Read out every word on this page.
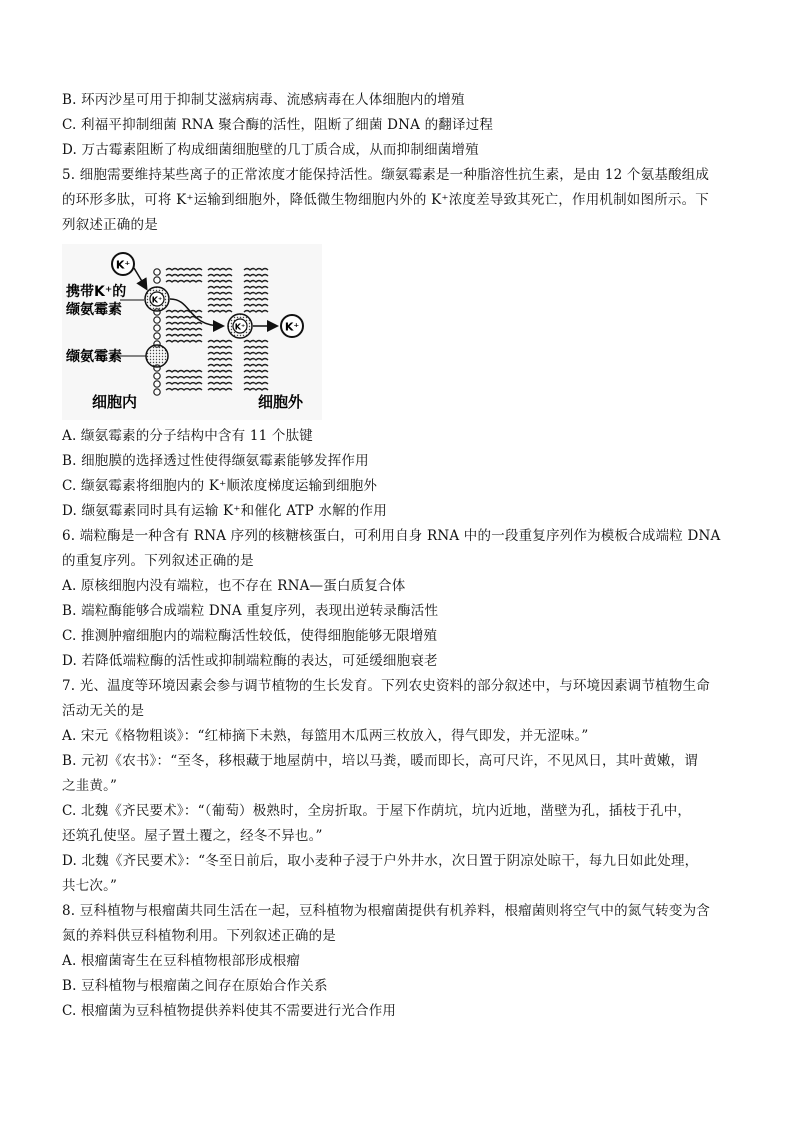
B. 环丙沙星可用于抑制艾滋病病毒、流感病毒在人体细胞内的增殖
C. 利福平抑制细菌 RNA 聚合酶的活性，阻断了细菌 DNA 的翻译过程
D. 万古霉素阻断了构成细菌细胞壁的几丁质合成，从而抑制细菌增殖
5. 细胞需要维持某些离子的正常浓度才能保持活性。缬氨霉素是一种脂溶性抗生素，是由 12 个氨基酸组成
的环形多肽，可将 K⁺运输到细胞外，降低微生物细胞内外的 K⁺浓度差导致其死亡，作用机制如图所示。下
列叙述正确的是
K⁺
K⁺
K⁺	K⁺
携带K⁺的
缬氨霉素
缬氨霉素
细胞内	细胞外
A. 缬氨霉素的分子结构中含有 11 个肽键
B. 细胞膜的选择透过性使得缬氨霉素能够发挥作用
C. 缬氨霉素将细胞内的 K⁺顺浓度梯度运输到细胞外
D. 缬氨霉素同时具有运输 K⁺和催化 ATP 水解的作用
6. 端粒酶是一种含有 RNA 序列的核糖核蛋白，可利用自身 RNA 中的一段重复序列作为模板合成端粒 DNA
的重复序列。下列叙述正确的是
A. 原核细胞内没有端粒，也不存在 RNA—蛋白质复合体
B. 端粒酶能够合成端粒 DNA 重复序列，表现出逆转录酶活性
C. 推测肿瘤细胞内的端粒酶活性较低，使得细胞能够无限增殖
D. 若降低端粒酶的活性或抑制端粒酶的表达，可延缓细胞衰老
7. 光、温度等环境因素会参与调节植物的生长发育。下列农史资料的部分叙述中，与环境因素调节植物生命
活动无关的是
A. 宋元《格物粗谈》：“红柿摘下未熟，每篮用木瓜两三枚放入，得气即发，并无涩味。”
B. 元初《农书》：“至冬，移根藏于地屋荫中，培以马粪，暖而即长，高可尺许，不见风日，其叶黄嫩，谓
之韭黄。”
C. 北魏《齐民要术》：“（葡萄）极熟时，全房折取。于屋下作荫坑，坑内近地，凿壁为孔，插枝于孔中，
还筑孔使坚。屋子置土覆之，经冬不异也。”
D. 北魏《齐民要术》：“冬至日前后，取小麦种子浸于户外井水，次日置于阴凉处晾干，每九日如此处理，
共七次。”
8. 豆科植物与根瘤菌共同生活在一起，豆科植物为根瘤菌提供有机养料，根瘤菌则将空气中的氮气转变为含
氮的养料供豆科植物利用。下列叙述正确的是
A. 根瘤菌寄生在豆科植物根部形成根瘤
B. 豆科植物与根瘤菌之间存在原始合作关系
C. 根瘤菌为豆科植物提供养料使其不需要进行光合作用
